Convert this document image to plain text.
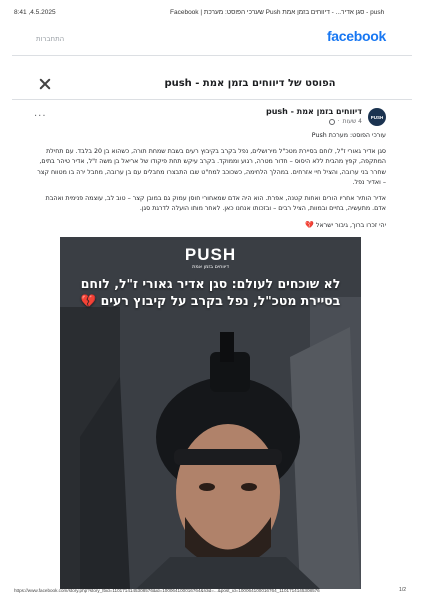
8:41 ,4.5.2025	push - סגן אדיר... - דיווחים בזמן אמת Push שערכי הפוסט: מערכת | Facebook
facebook
התחברות
הפוסט של דיווחים בזמן אמת - push
PUSH
דיווחים בזמן אמת - push
4 שעות
·
···

עורכי הפוסט: מערכת Push

סגן אדיר גאורי ז"ל, לוחם בסיירת מטכ"ל מירושלים, נפל בקרב בקיבוץ רעים בשבת שמחת תורה, כשהוא בן 20 בלבד. עם תחילת המתקפה, קפץ מהבית ללא היסוס – חדור מטרה, רגוע וממוקד. בקרב עיקש תחת פיקודו של אריאל בן משה ז"ל, אדיר טיהר בתים, שחרר בני ערובה, והציל חיי אזרחים. במהלך הלחימה, כשכוכב למח"ט שבו התבצרו מחבלים עם בן ערובה, מחבל ירה בו מטווח קצר – ואדיר נפל.

אדיר הותיר אחריו הורים ואחות קטנה, אפרת. הוא היה אדם שמאחורי חוסן עמוק גם במובן קצר – טוב לב, עוצמה פנימית ואהבת אדם. מתעשיה, בחיים ובמוות, הציל רבים – ובזכותו אנחנו כאן. לאחר מותו הועלה לדרגת סגן.

יהי זכרו ברוך, גיבור ישראל 💔

PUSH
דיווחים בזמן אמת
לא שוכחים לעולם: סגן אדיר גאורי ז"ל, לוחם בסיירת מטכ"ל, נפל בקרב על קיבוץ רעים 💔
https://www.facebook.com/story.php?story_fbid=1101714145308576&id=100064100016764&rdid=...&post_id=100064100016764_1101714145308576	1/2
